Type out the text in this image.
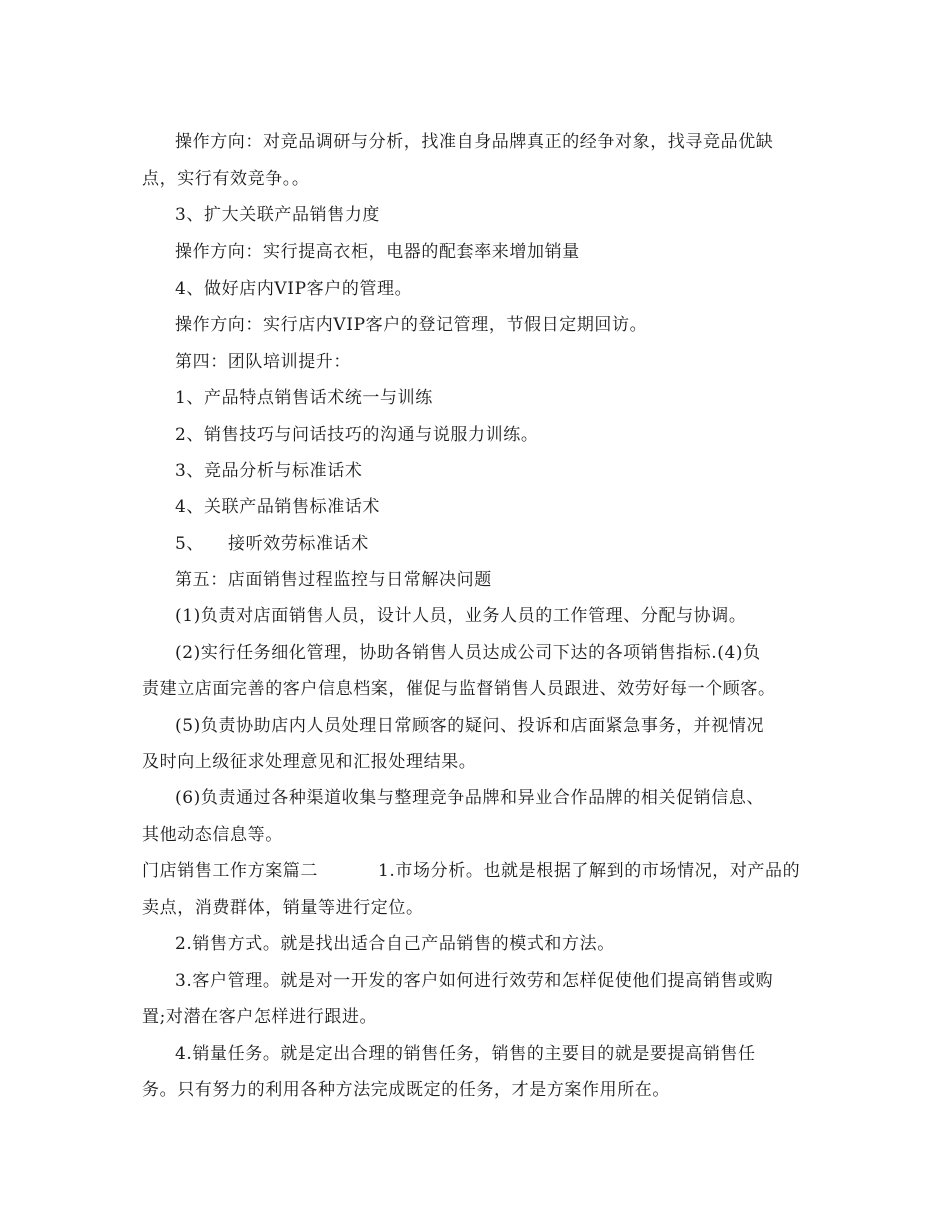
操作方向：对竞品调研与分析，找准自身品牌真正的经争对象，找寻竞品优缺
点，实行有效竞争。。
3、扩大关联产品销售力度
操作方向：实行提高衣柜，电器的配套率来增加销量
4、做好店内VIP客户的管理。
操作方向：实行店内VIP客户的登记管理，节假日定期回访。
第四：团队培训提升：
1、产品特点销售话术统一与训练
2、销售技巧与问话技巧的沟通与说服力训练。
3、竞品分析与标准话术
4、关联产品销售标准话术
5、 接听效劳标准话术
第五：店面销售过程监控与日常解决问题
(1)负责对店面销售人员，设计人员，业务人员的工作管理、分配与协调。
(2)实行任务细化管理，协助各销售人员达成公司下达的各项销售指标.(4)负
责建立店面完善的客户信息档案，催促与监督销售人员跟进、效劳好每一个顾客。
(5)负责协助店内人员处理日常顾客的疑问、投诉和店面紧急事务，并视情况
及时向上级征求处理意见和汇报处理结果。
(6)负责通过各种渠道收集与整理竞争品牌和异业合作品牌的相关促销信息、
其他动态信息等。
门店销售工作方案篇二	1.市场分析。也就是根据了解到的市场情况，对产品的
卖点，消费群体，销量等进行定位。
2.销售方式。就是找出适合自己产品销售的模式和方法。
3.客户管理。就是对一开发的客户如何进行效劳和怎样促使他们提高销售或购
置;对潜在客户怎样进行跟进。
4.销量任务。就是定出合理的销售任务，销售的主要目的就是要提高销售任
务。只有努力的利用各种方法完成既定的任务，才是方案作用所在。
